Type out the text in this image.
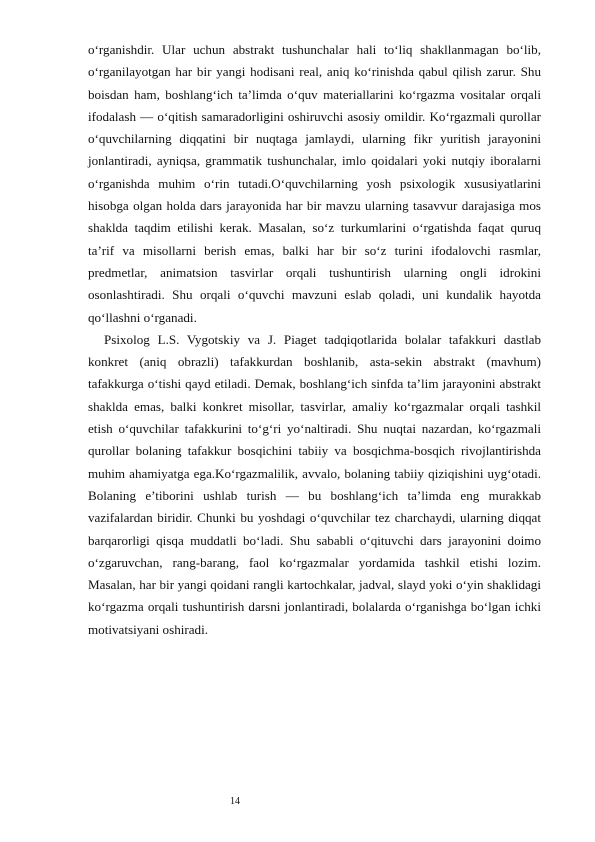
o‘rganishdir. Ular uchun abstrakt tushunchalar hali to‘liq shakllanmagan bo‘lib, o‘rganilayotgan har bir yangi hodisani real, aniq ko‘rinishda qabul qilish zarur. Shu boisdan ham, boshlang‘ich ta’limda o‘quv materiallarini ko‘rgazma vositalar orqali ifodalash — o‘qitish samaradorligini oshiruvchi asosiy omildir. Ko‘rgazmali qurollar o‘quvchilarning diqqatini bir nuqtaga jamlaydi, ularning fikr yuritish jarayonini jonlantiradi, ayniqsa, grammatik tushunchalar, imlo qoidalari yoki nutqiy iboralarni o‘rganishda muhim o‘rin tutadi.O‘quvchilarning yosh psixologik xususiyatlarini hisobga olgan holda dars jarayonida har bir mavzu ularning tasavvur darajasiga mos shaklda taqdim etilishi kerak. Masalan, so‘z turkumlarini o‘rgatishda faqat quruq ta’rif va misollarni berish emas, balki har bir so‘z turini ifodalovchi rasmlar, predmetlar, animatsion tasvirlar orqali tushuntirish ularning ongli idrokini osonlashtiradi. Shu orqali o‘quvchi mavzuni eslab qoladi, uni kundalik hayotda qo‘llashni o‘rganadi.

Psixolog L.S. Vygotskiy va J. Piaget tadqiqotlarida bolalar tafakkuri dastlab konkret (aniq obrazli) tafakkurdan boshlanib, asta-sekin abstrakt (mavhum) tafakkurga o‘tishi qayd etiladi. Demak, boshlang‘ich sinfda ta’lim jarayonini abstrakt shaklda emas, balki konkret misollar, tasvirlar, amaliy ko‘rgazmalar orqali tashkil etish o‘quvchilar tafakkurini to‘g‘ri yo‘naltiradi. Shu nuqtai nazardan, ko‘rgazmali qurollar bolaning tafakkur bosqichini tabiiy va bosqichma-bosqich rivojlantirishda muhim ahamiyatga ega.Ko‘rgazmalilik, avvalo, bolaning tabiiy qiziqishini uyg‘otadi. Bolaning e’tiborini ushlab turish — bu boshlang‘ich ta’limda eng murakkab vazifalardan biridir. Chunki bu yoshdagi o‘quvchilar tez charchaydi, ularning diqqat barqarorligi qisqa muddatli bo‘ladi. Shu sababli o‘qituvchi dars jarayonini doimo o‘zgaruvchan, rang-barang, faol ko‘rgazmalar yordamida tashkil etishi lozim. Masalan, har bir yangi qoidani rangli kartochkalar, jadval, slayd yoki o‘yin shaklidagi ko‘rgazma orqali tushuntirish darsni jonlantiradi, bolalarda o‘rganishga bo‘lgan ichki motivatsiyani oshiradi.

14
